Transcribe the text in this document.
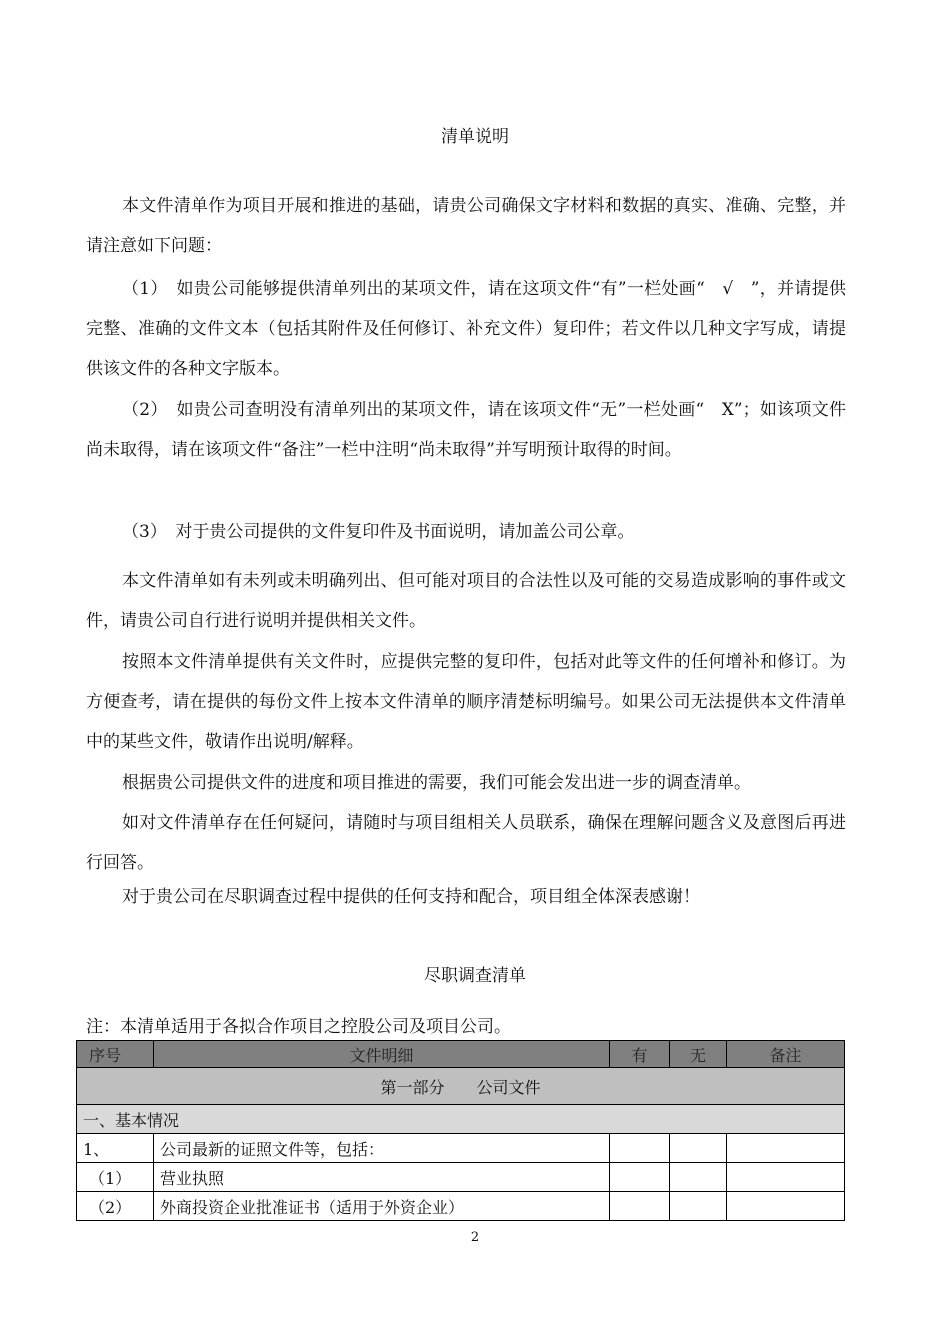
清单说明

本文件清单作为项目开展和推进的基础，请贵公司确保文字材料和数据的真实、准确、完整，并请注意如下问题：

（1）　如贵公司能够提供清单列出的某项文件，请在这项文件“有”一栏处画“　√　”，并请提供完整、准确的文件文本（包括其附件及任何修订、补充文件）复印件；若文件以几种文字写成，请提供该文件的各种文字版本。

（2）　如贵公司查明没有清单列出的某项文件，请在该项文件“无”一栏处画“　X”；如该项文件尚未取得，请在该项文件“备注”一栏中注明“尚未取得”并写明预计取得的时间。

（3）　对于贵公司提供的文件复印件及书面说明，请加盖公司公章。

本文件清单如有未列或未明确列出、但可能对项目的合法性以及可能的交易造成影响的事件或文件，请贵公司自行进行说明并提供相关文件。

按照本文件清单提供有关文件时，应提供完整的复印件，包括对此等文件的任何增补和修订。为方便查考，请在提供的每份文件上按本文件清单的顺序清楚标明编号。如果公司无法提供本文件清单中的某些文件，敬请作出说明/解释。

根据贵公司提供文件的进度和项目推进的需要，我们可能会发出进一步的调查清单。

如对文件清单存在任何疑问，请随时与项目组相关人员联系，确保在理解问题含义及意图后再进行回答。

对于贵公司在尽职调查过程中提供的任何支持和配合，项目组全体深表感谢！

尽职调查清单
注：本清单适用于各拟合作项目之控股公司及项目公司。
序号	文件明细	有	无	备注
第一部分　　公司文件				
一、基本情况				
1、	公司最新的证照文件等，包括：			
（1）	营业执照			
（2）	外商投资企业批准证书（适用于外资企业）			
2
